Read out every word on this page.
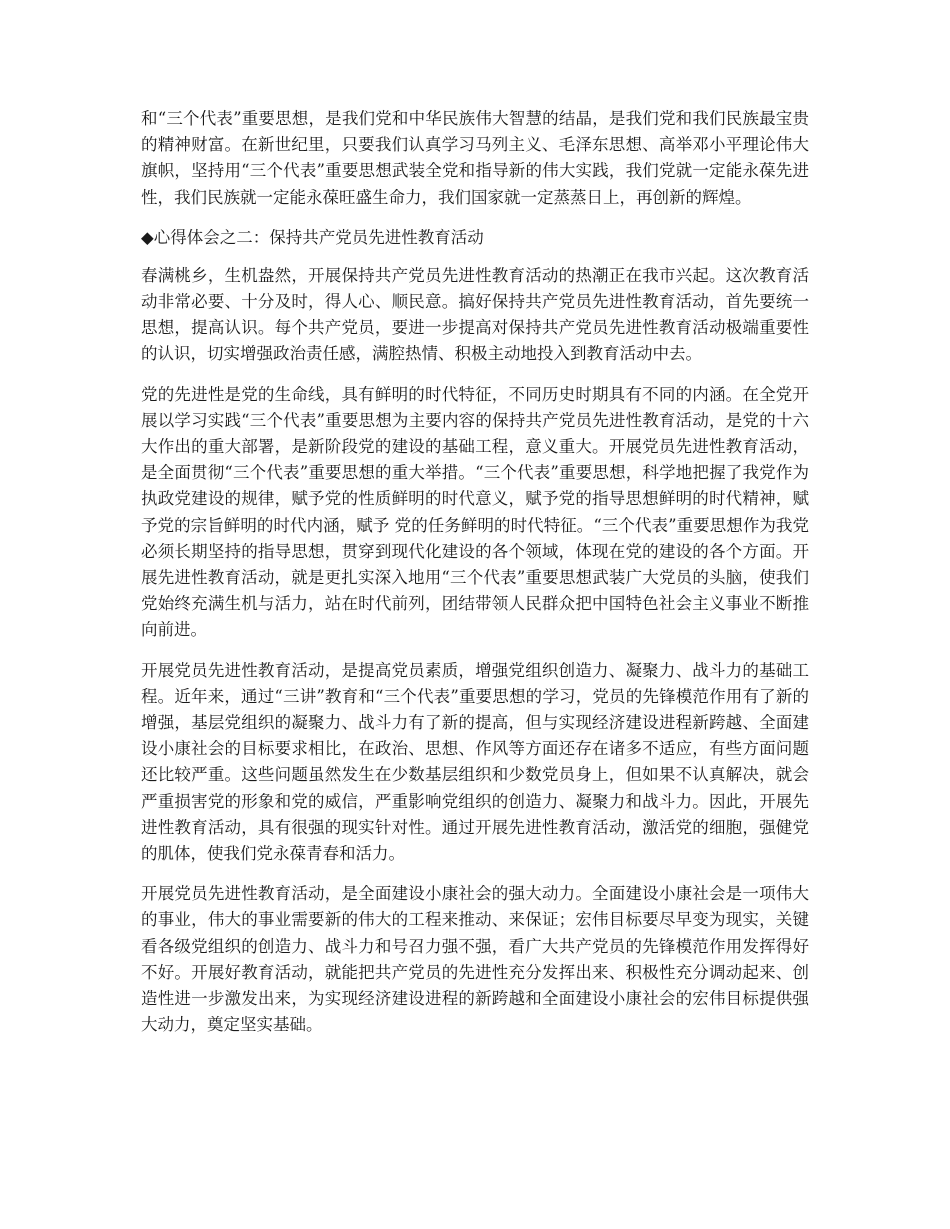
和“三个代表”重要思想，是我们党和中华民族伟大智慧的结晶，是我们党和我们民族最宝贵的精神财富。在新世纪里，只要我们认真学习马列主义、毛泽东思想、高举邓小平理论伟大旗帜，坚持用“三个代表”重要思想武装全党和指导新的伟大实践，我们党就一定能永葆先进性，我们民族就一定能永葆旺盛生命力，我们国家就一定蒸蒸日上，再创新的辉煌。

◆心得体会之二：保持共产党员先进性教育活动

春满桃乡，生机盎然，开展保持共产党员先进性教育活动的热潮正在我市兴起。这次教育活动非常必要、十分及时，得人心、顺民意。搞好保持共产党员先进性教育活动，首先要统一思想，提高认识。每个共产党员，要进一步提高对保持共产党员先进性教育活动极端重要性的认识，切实增强政治责任感，满腔热情、积极主动地投入到教育活动中去。

党的先进性是党的生命线，具有鲜明的时代特征，不同历史时期具有不同的内涵。在全党开展以学习实践“三个代表”重要思想为主要内容的保持共产党员先进性教育活动，是党的十六大作出的重大部署，是新阶段党的建设的基础工程，意义重大。开展党员先进性教育活动，是全面贯彻“三个代表”重要思想的重大举措。“三个代表”重要思想，科学地把握了我党作为执政党建设的规律，赋予党的性质鲜明的时代意义，赋予党的指导思想鲜明的时代精神，赋予党的宗旨鲜明的时代内涵，赋予 党的任务鲜明的时代特征。“三个代表”重要思想作为我党必须长期坚持的指导思想，贯穿到现代化建设的各个领域，体现在党的建设的各个方面。开展先进性教育活动，就是更扎实深入地用“三个代表”重要思想武装广大党员的头脑，使我们党始终充满生机与活力，站在时代前列，团结带领人民群众把中国特色社会主义事业不断推向前进。

开展党员先进性教育活动，是提高党员素质，增强党组织创造力、凝聚力、战斗力的基础工程。近年来，通过“三讲”教育和“三个代表”重要思想的学习，党员的先锋模范作用有了新的增强，基层党组织的凝聚力、战斗力有了新的提高，但与实现经济建设进程新跨越、全面建设小康社会的目标要求相比，在政治、思想、作风等方面还存在诸多不适应，有些方面问题还比较严重。这些问题虽然发生在少数基层组织和少数党员身上，但如果不认真解决，就会严重损害党的形象和党的威信，严重影响党组织的创造力、凝聚力和战斗力。因此，开展先进性教育活动，具有很强的现实针对性。通过开展先进性教育活动，激活党的细胞，强健党的肌体，使我们党永葆青春和活力。

开展党员先进性教育活动，是全面建设小康社会的强大动力。全面建设小康社会是一项伟大的事业，伟大的事业需要新的伟大的工程来推动、来保证；宏伟目标要尽早变为现实，关键看各级党组织的创造力、战斗力和号召力强不强，看广大共产党员的先锋模范作用发挥得好不好。开展好教育活动，就能把共产党员的先进性充分发挥出来、积极性充分调动起来、创造性进一步激发出来，为实现经济建设进程的新跨越和全面建设小康社会的宏伟目标提供强大动力，奠定坚实基础。
